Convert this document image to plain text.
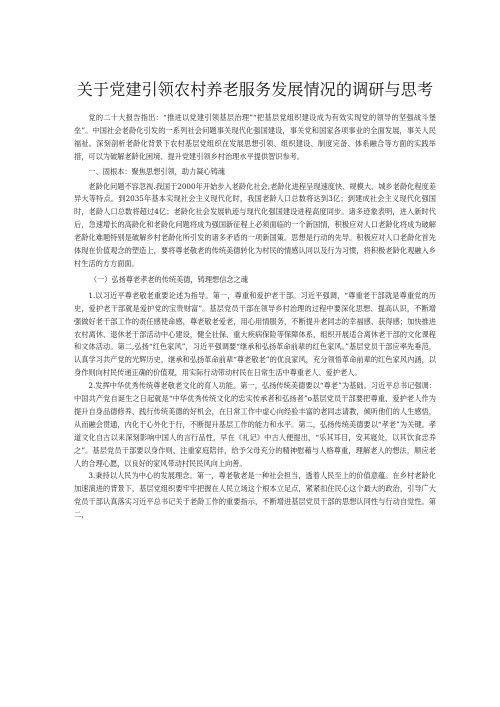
关于党建引领农村养老服务发展情况的调研与思考

党的二十大报告指出：“推进以党建引领基层治理”“把基层党组织建设成为有效实现党的领导的坚强战斗堡垒”。中国社会老龄化引发的一系列社会问题事关现代化强国建设，事关党和国家各项事业的全面发展，事关人民福祉。深刻剖析老龄化背景下农村基层党组织在发展思想引领、组织建设、制度完备、体系融合等方面的实践举措，可以为破解老龄化困境、提升党建引领乡村治理水平提供智识参考。

一、固根本：聚焦思想引领，助力凝心铸魂

老龄化问题不容忽视.我国于2000年开始步入老龄化社会,老龄化进程呈现速度快、规模大、城乡老龄化程度差异大等特点。到2035年基本实现社会主义现代化时，我国老龄人口总数将达到3亿；到建成社会主义现代化强国时，老龄人口总数将超过4亿；老龄化社会发展轨迹与现代化强国建设进程高度同步。诸多迹象表明，进入新时代后，急速增长的高龄化和老龄化问题将成为强国新征程上必须面临的一个新国情，积极应对人口老龄化将成为破解老龄化难题特别是破解乡村老龄化所引发的诸多矛盾的一项新国策。思想是行动的先导。积极应对人口老龄化首先体现在价值观念的塑造上，要将尊老敬老的传统美德转化为村民的情感认同以及行为习惯，将积极老龄化观融入乡村生活的方方面面。

（一）弘扬尊老孝老的传统美德，铸理想信念之魂

1.以习近平尊老敬老重要论述为指导。第一，尊重和爱护老干部。习近平强调，“尊重老干部就是尊重党的历史，爱护老干部就是爱护党的宝贵财富”。基层党员干部在领导乡村治理的过程中要深化思想、提高认识，不断增强做好老干部工作的责任感使命感，尊老敬老爱老，用心用情服务，不断提升老同志的幸福感、获得感；加快推进农村离休、退休老干部活动中心建设，健全社保、重大疾病保险等保障体系，组织开展适合离休老干部的文化课程和文体活动。第二,弘扬“红色家风”，习近平强调要“继承和弘扬革命前辈的红色家风。”基层党员干部应率先垂范，认真学习共产党的光辉历史，继承和弘扬革命前辈“尊老敬老”的优良家风，充分领悟革命前辈的红色家风内涵，以身作则向村民传递正确的价值观，用实际行动带动村民在日常生活中尊重老人、爱护老人。

2.发挥中华优秀传统尊老敬老文化的育人功能。第一，弘扬传统美德要以“尊老”为基础。习近平总书记强调：中国共产党自诞生之日起就是“中华优秀传统文化的忠实传承者和弘扬者”o基层党员干部要把尊重、爱护老人作为提升自身品德修养、践行传统美德的好机会，在日常工作中虚心向经验丰富的老同志请教，倾听他们的人生感悟，从而融会贯通，内化于心外化于行，不断提升基层工作的能力和水平。第二，弘扬传统美德要以“孝老”为关键。孝道文化自古以来深刻影响中国人的言行品性，早在《礼记》中古人便提出，“乐其耳目，安其寝处，以其饮食忠养之”。基层党员干部要以身作则，注重家庭陪伴，给予父母充分的精神慰藉与人格尊重，理解老人的想法，顺应老人的合理心愿，以良好的家风带动村民民风向上向善。

3.秉持以人民为中心的发展理念。第一，尊老敬老是一种社会担当，透着人民至上的价值意蕴。在乡村老龄化加速演进的背景下，基层党组织要牢牢把握在人民立场这个根本立足点，紧紧扣住民心这个最大的政治，引导广大党员干部认真落实习近平总书记关于老龄工作的重要指示，不断增进基层党员干部的思想认同性与行动自觉性。第二，
